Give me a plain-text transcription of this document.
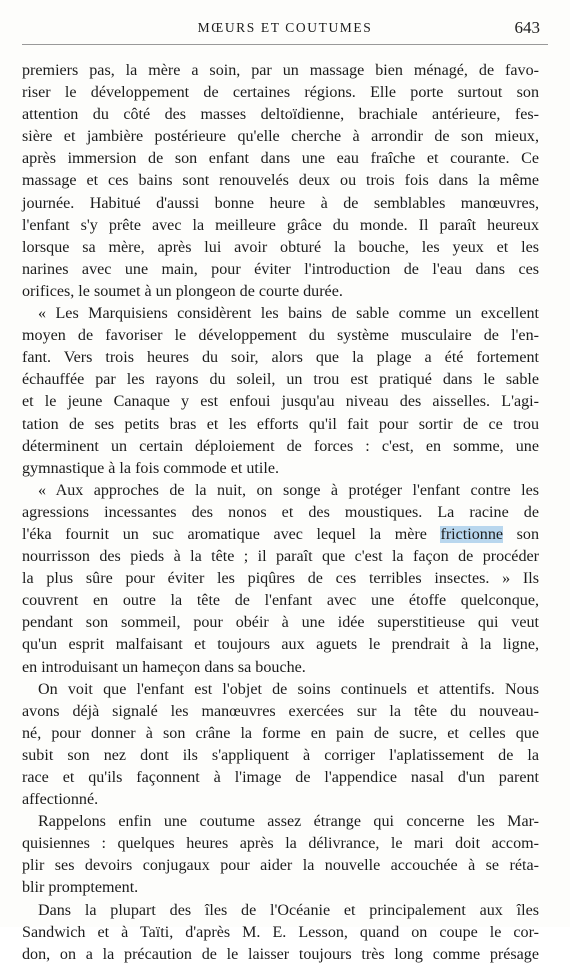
MŒURS ET COUTUMES	643

premiers pas, la mère a soin, par un massage bien ménagé, de favo-
riser le développement de certaines régions. Elle porte surtout son
attention du côté des masses deltoïdienne, brachiale antérieure, fes-
sière et jambière postérieure qu'elle cherche à arrondir de son mieux,
après immersion de son enfant dans une eau fraîche et courante. Ce
massage et ces bains sont renouvelés deux ou trois fois dans la même
journée. Habitué d'aussi bonne heure à de semblables manœuvres,
l'enfant s'y prête avec la meilleure grâce du monde. Il paraît heureux
lorsque sa mère, après lui avoir obturé la bouche, les yeux et les
narines avec une main, pour éviter l'introduction de l'eau dans ces
orifices, le soumet à un plongeon de courte durée.

« Les Marquisiens considèrent les bains de sable comme un excellent
moyen de favoriser le développement du système musculaire de l'en-
fant. Vers trois heures du soir, alors que la plage a été fortement
échauffée par les rayons du soleil, un trou est pratiqué dans le sable
et le jeune Canaque y est enfoui jusqu'au niveau des aisselles. L'agi-
tation de ses petits bras et les efforts qu'il fait pour sortir de ce trou
déterminent un certain déploiement de forces : c'est, en somme, une
gymnastique à la fois commode et utile.

« Aux approches de la nuit, on songe à protéger l'enfant contre les
agressions incessantes des nonos et des moustiques. La racine de
l'éka fournit un suc aromatique avec lequel la mère frictionne son
nourrisson des pieds à la tête ; il paraît que c'est la façon de procéder
la plus sûre pour éviter les piqûres de ces terribles insectes. » Ils
couvrent en outre la tête de l'enfant avec une étoffe quelconque,
pendant son sommeil, pour obéir à une idée superstitieuse qui veut
qu'un esprit malfaisant et toujours aux aguets le prendrait à la ligne,
en introduisant un hameçon dans sa bouche.

On voit que l'enfant est l'objet de soins continuels et attentifs. Nous
avons déjà signalé les manœuvres exercées sur la tête du nouveau-
né, pour donner à son crâne la forme en pain de sucre, et celles que
subit son nez dont ils s'appliquent à corriger l'aplatissement de la
race et qu'ils façonnent à l'image de l'appendice nasal d'un parent
affectionné.

Rappelons enfin une coutume assez étrange qui concerne les Mar-
quisiennes : quelques heures après la délivrance, le mari doit accom-
plir ses devoirs conjugaux pour aider la nouvelle accouchée à se réta-
blir promptement.

Dans la plupart des îles de l'Océanie et principalement aux îles
Sandwich et à Taïti, d'après M. E. Lesson, quand on coupe le cor-
don, on a la précaution de le laisser toujours très long comme présage
